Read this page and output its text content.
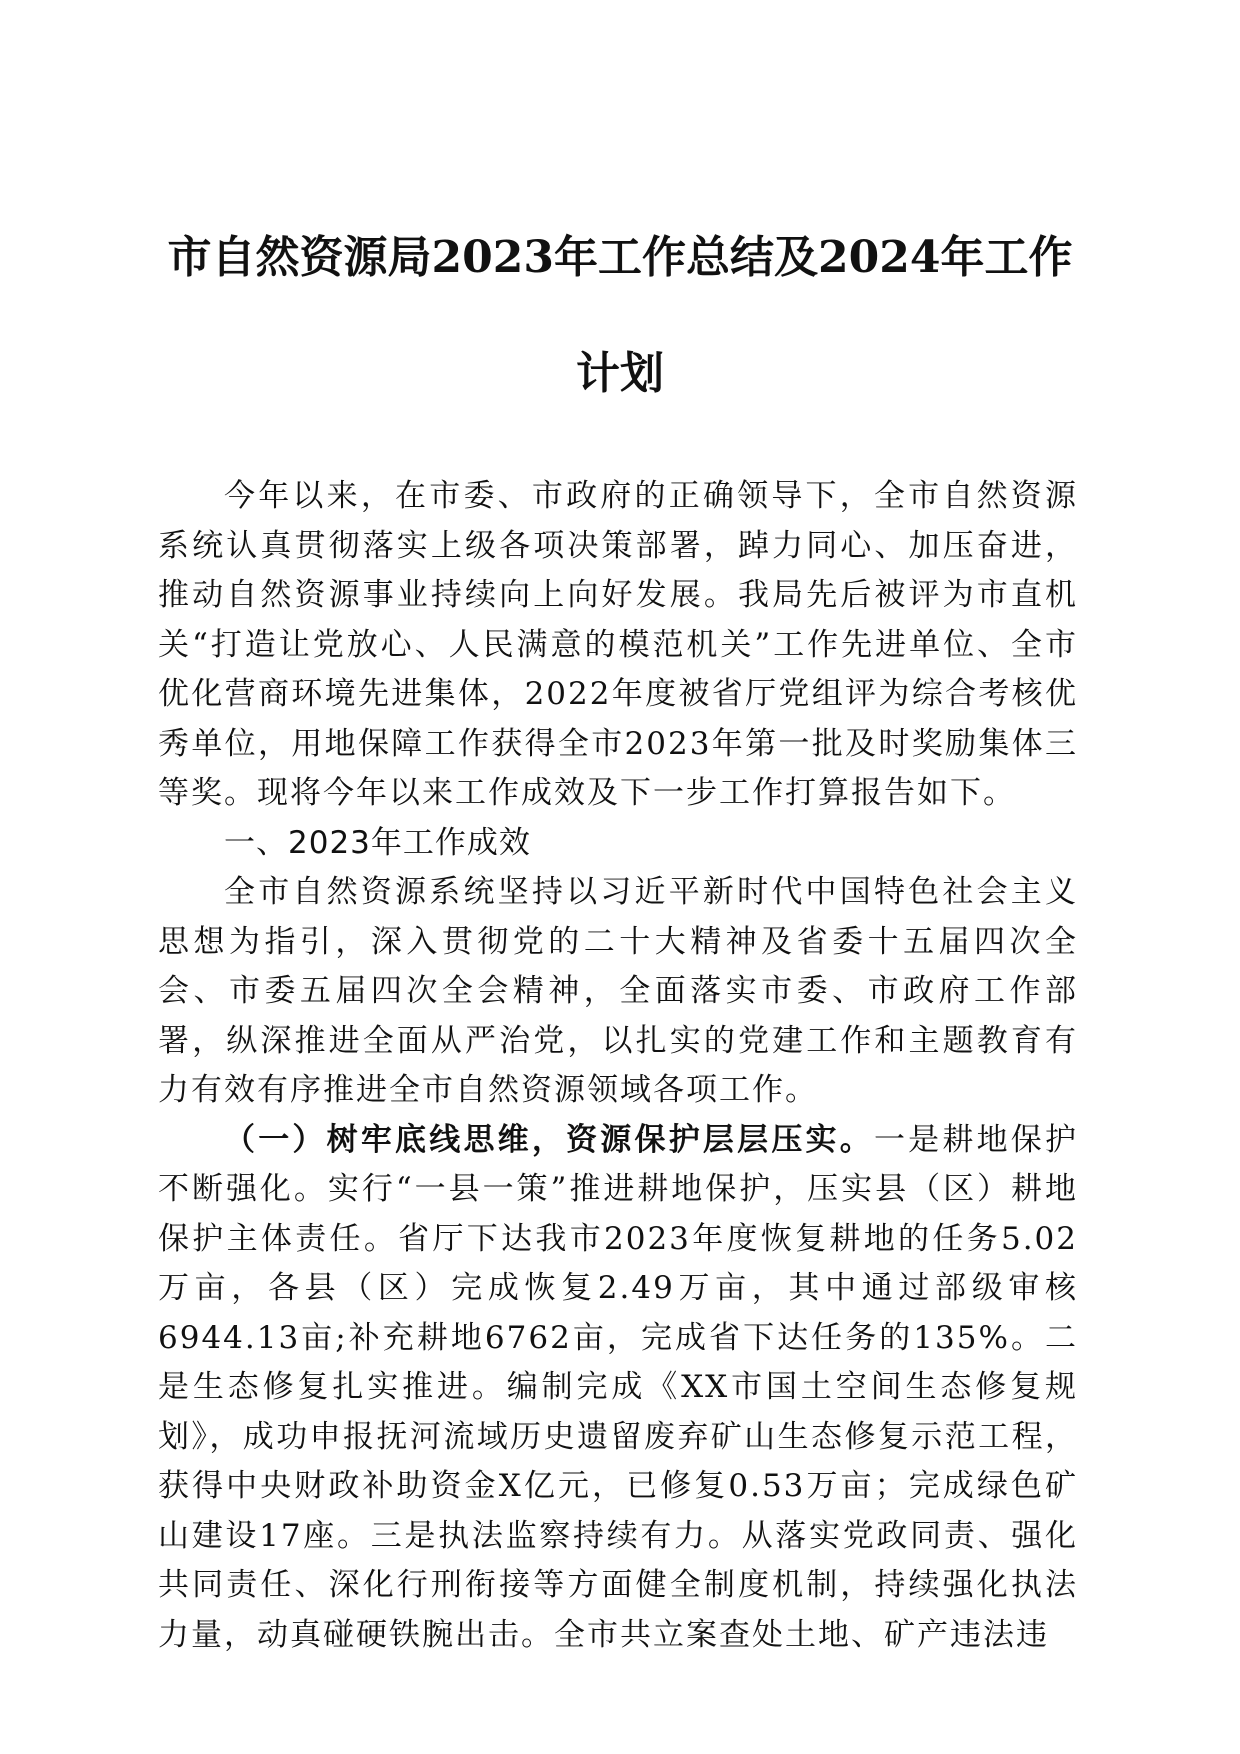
市自然资源局2023年工作总结及2024年工作
计划

今年以来，在市委、市政府的正确领导下，全市自然资源系统认真贯彻落实上级各项决策部署，踔力同心、加压奋进，推动自然资源事业持续向上向好发展。我局先后被评为市直机关“打造让党放心、人民满意的模范机关”工作先进单位、全市优化营商环境先进集体，2022年度被省厅党组评为综合考核优秀单位，用地保障工作获得全市2023年第一批及时奖励集体三等奖。现将今年以来工作成效及下一步工作打算报告如下。

一、2023年工作成效

全市自然资源系统坚持以习近平新时代中国特色社会主义思想为指引，深入贯彻党的二十大精神及省委十五届四次全会、市委五届四次全会精神，全面落实市委、市政府工作部署，纵深推进全面从严治党，以扎实的党建工作和主题教育有力有效有序推进全市自然资源领域各项工作。

（一）树牢底线思维，资源保护层层压实。一是耕地保护不断强化。实行“一县一策”推进耕地保护，压实县（区）耕地保护主体责任。省厅下达我市2023年度恢复耕地的任务5.02万亩，各县（区）完成恢复2.49万亩，其中通过部级审核6944.13亩;补充耕地6762亩，完成省下达任务的135%。二是生态修复扎实推进。编制完成《XX市国土空间生态修复规划》，成功申报抚河流域历史遗留废弃矿山生态修复示范工程，获得中央财政补助资金X亿元，已修复0.53万亩；完成绿色矿山建设17座。三是执法监察持续有力。从落实党政同责、强化共同责任、深化行刑衔接等方面健全制度机制，持续强化执法力量，动真碰硬铁腕出击。全市共立案查处土地、矿产违法违
